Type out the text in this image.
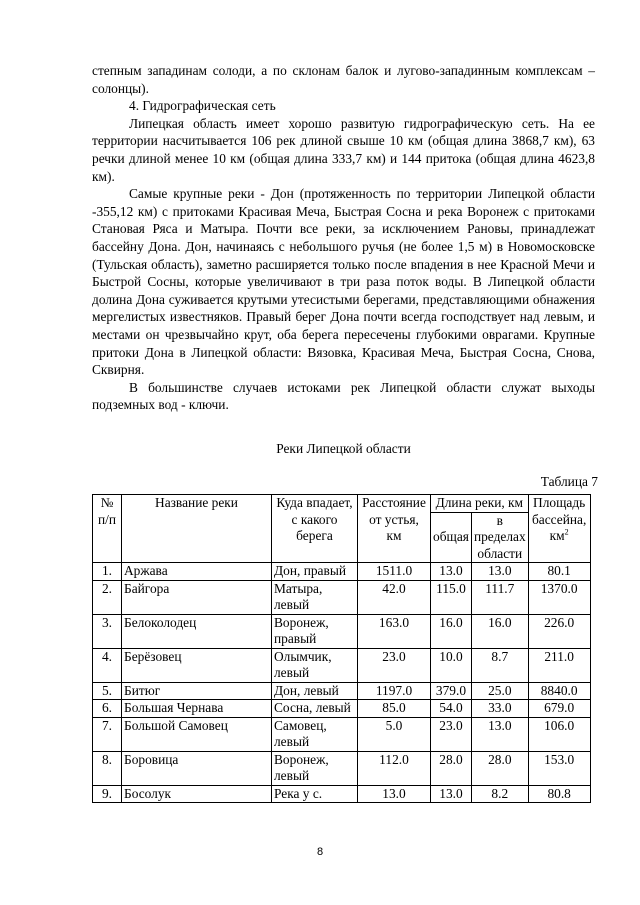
степным западинам солоди, а по склонам балок и лугово-западинным комплексам – солонцы).

4. Гидрографическая сеть

Липецкая область имеет хорошо развитую гидрографическую сеть. На ее территории насчитывается 106 рек длиной свыше 10 км (общая длина 3868,7 км), 63 речки длиной менее 10 км (общая длина 333,7 км) и 144 притока (общая длина 4623,8 км).

Самые крупные реки - Дон (протяженность по территории Липецкой области -355,12 км) с притоками Красивая Меча, Быстрая Сосна и река Воронеж с притоками Становая Ряса и Матыра. Почти все реки, за исключением Рановы, принадлежат бассейну Дона. Дон, начинаясь с небольшого ручья (не более 1,5 м) в Новомосковске (Тульская область), заметно расширяется только после впадения в нее Красной Мечи и Быстрой Сосны, которые увеличивают в три раза поток воды. В Липецкой области долина Дона суживается крутыми утесистыми берегами, представляющими обнажения мергелистых известняков. Правый берег Дона почти всегда господствует над левым, и местами он чрезвычайно крут, оба берега пересечены глубокими оврагами. Крупные притоки Дона в Липецкой области: Вязовка, Красивая Меча, Быстрая Сосна, Снова, Сквирня.

В большинстве случаев истоками рек Липецкой области служат выходы подземных вод - ключи.

Реки Липецкой области
Таблица 7
№ п/п	Название реки	Куда впадает, с какого берега	Расстояние от устья, км	Длина реки, км		Площадь бассейна, $км^2$
				общая	в пределах области	
1.	Аржава	Дон, правый	1511.0	13.0	13.0	80.1
2.	Байгора	Матыра, левый	42.0	115.0	111.7	1370.0
3.	Белоколодец	Воронеж, правый	163.0	16.0	16.0	226.0
4.	Берёзовец	Олымчик, левый	23.0	10.0	8.7	211.0
5.	Битюг	Дон, левый	1197.0	379.0	25.0	8840.0
6.	Большая Чернава	Сосна, левый	85.0	54.0	33.0	679.0
7.	Большой Самовец	Самовец, левый	5.0	23.0	13.0	106.0
8.	Боровица	Воронеж, левый	112.0	28.0	28.0	153.0
9.	Босолук	Река у с.	13.0	13.0	8.2	80.8
8
